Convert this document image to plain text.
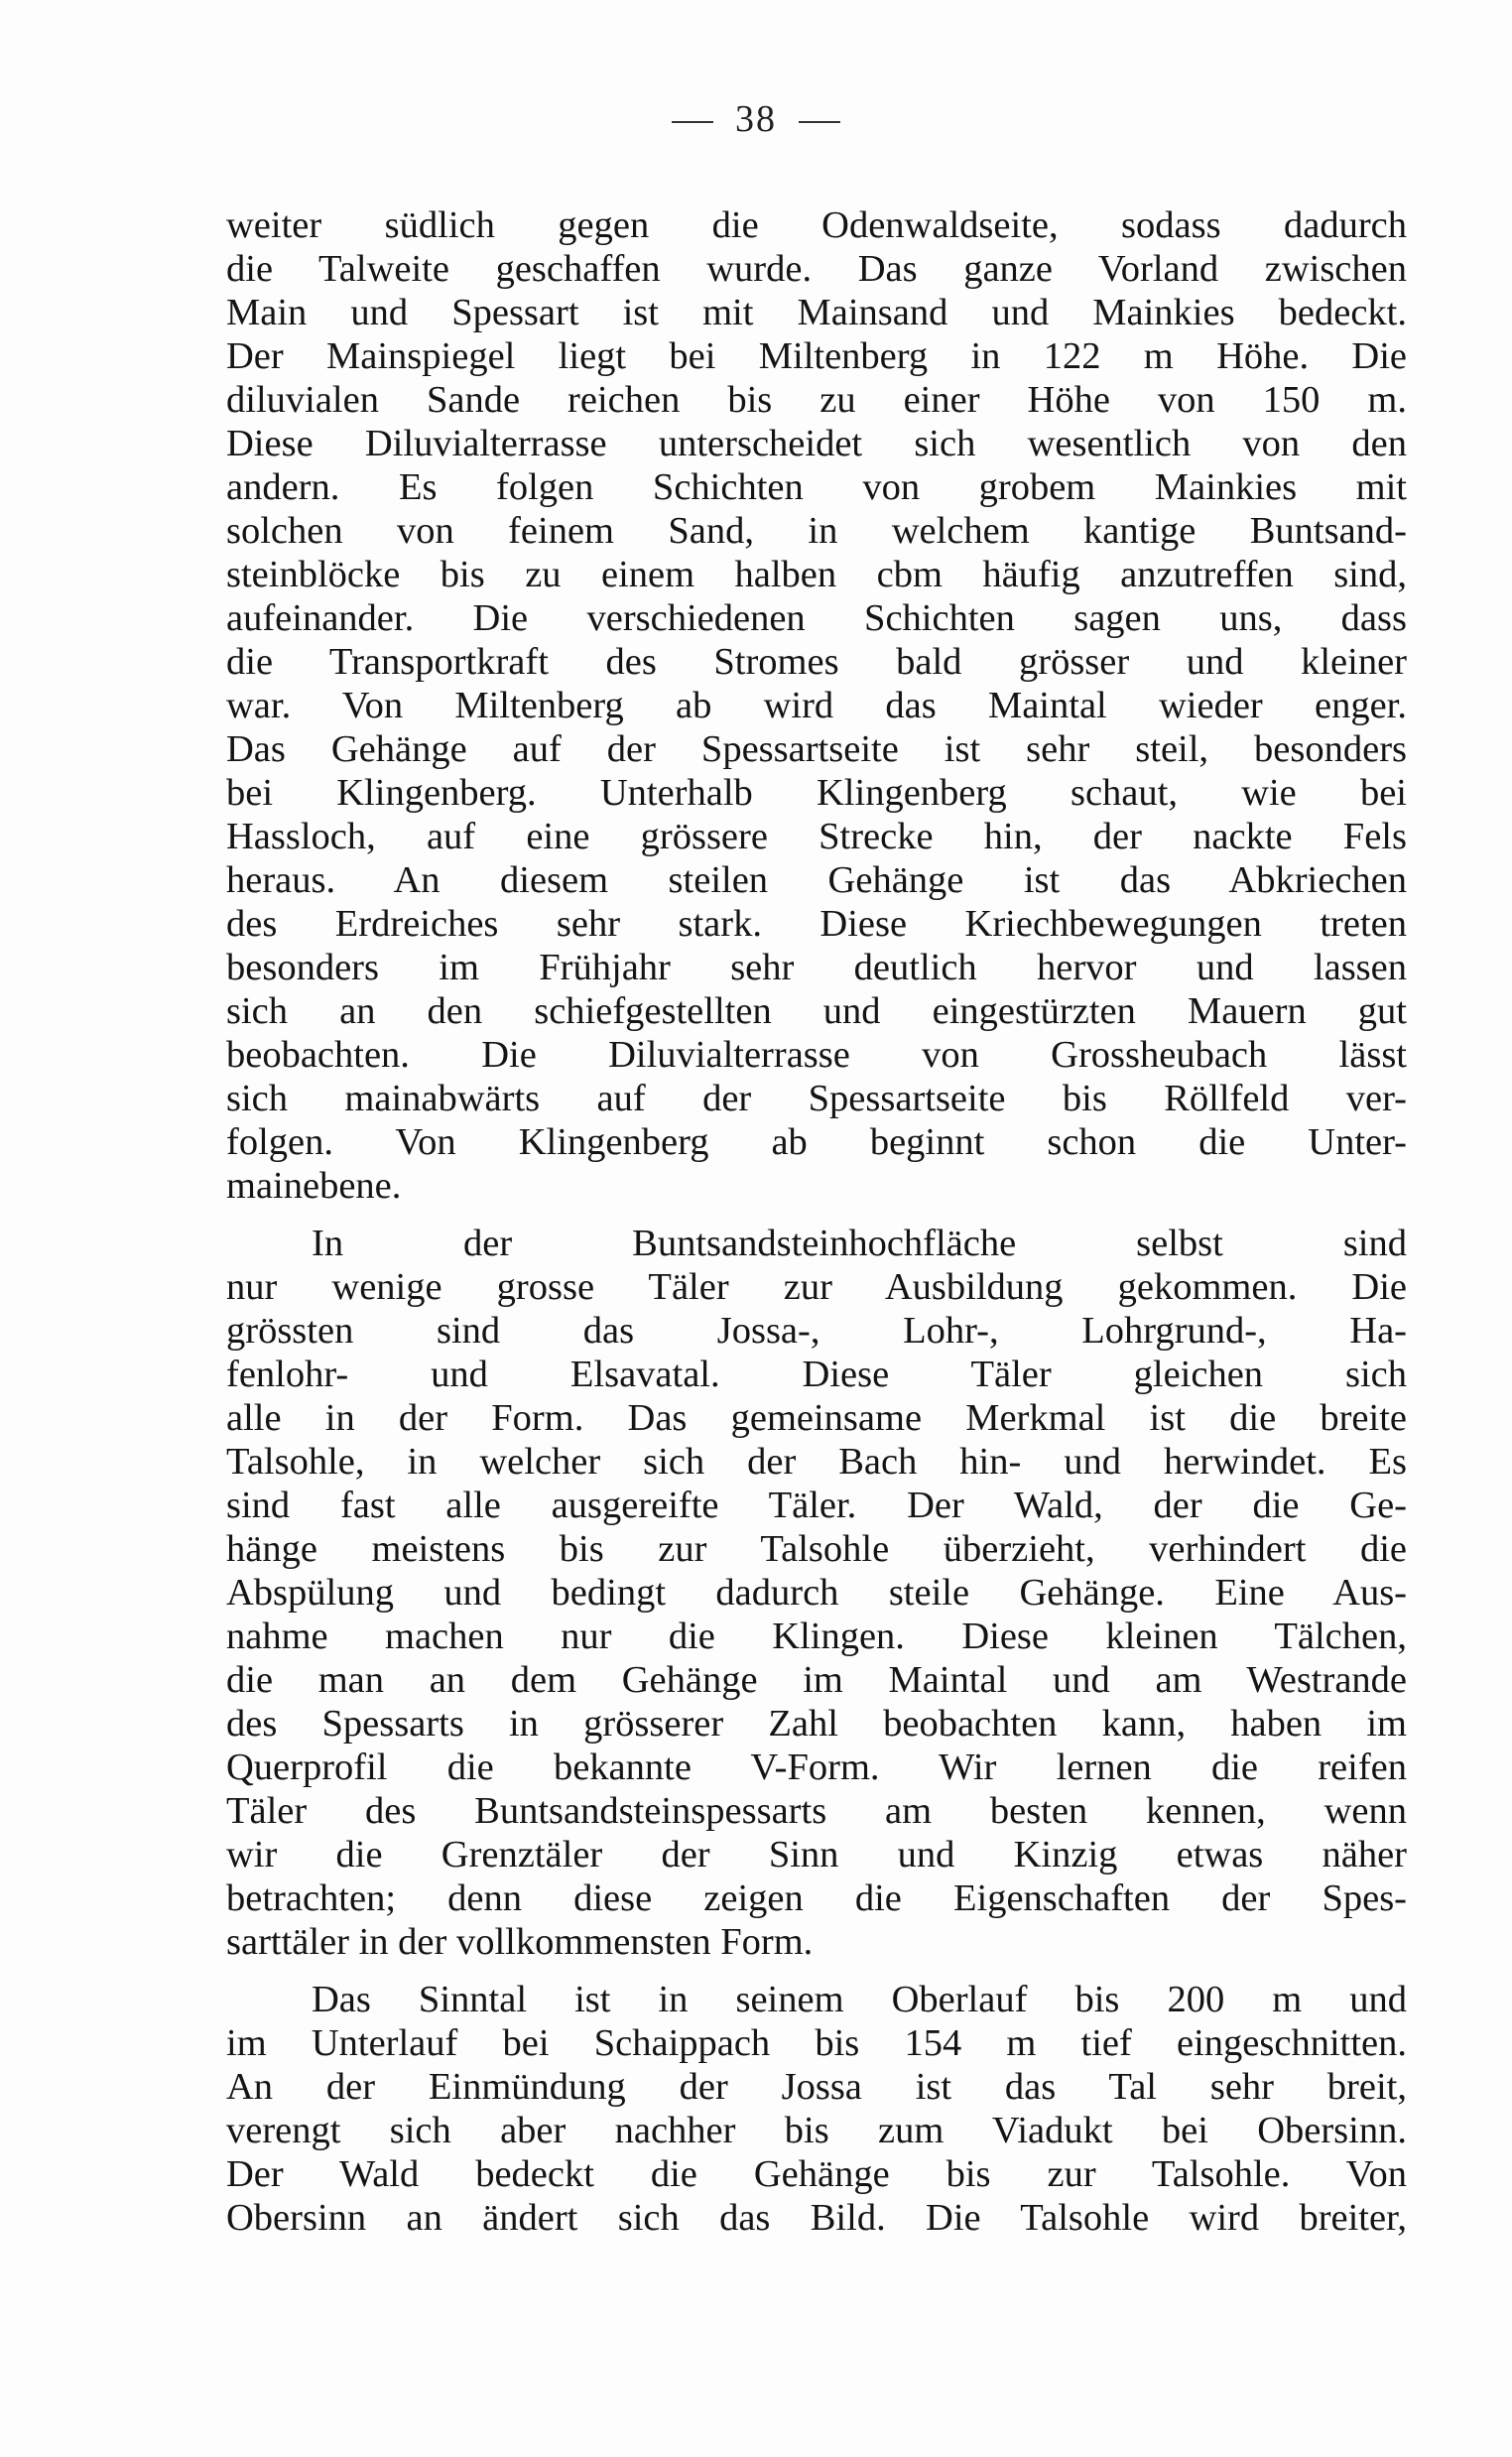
38
weiter südlich gegen die Odenwaldseite, sodass dadurch
die Talweite geschaffen wurde. Das ganze Vorland zwischen
Main und Spessart ist mit Mainsand und Mainkies bedeckt.
Der Mainspiegel liegt bei Miltenberg in 122 m Höhe. Die
diluvialen Sande reichen bis zu einer Höhe von 150 m.
Diese Diluvialterrasse unterscheidet sich wesentlich von den
andern. Es folgen Schichten von grobem Mainkies mit
solchen von feinem Sand, in welchem kantige Buntsand-
steinblöcke bis zu einem halben cbm häufig anzutreffen sind,
aufeinander. Die verschiedenen Schichten sagen uns, dass
die Transportkraft des Stromes bald grösser und kleiner
war. Von Miltenberg ab wird das Maintal wieder enger.
Das Gehänge auf der Spessartseite ist sehr steil, besonders
bei Klingenberg. Unterhalb Klingenberg schaut, wie bei
Hassloch, auf eine grössere Strecke hin, der nackte Fels
heraus. An diesem steilen Gehänge ist das Abkriechen
des Erdreiches sehr stark. Diese Kriechbewegungen treten
besonders im Frühjahr sehr deutlich hervor und lassen
sich an den schiefgestellten und eingestürzten Mauern gut
beobachten. Die Diluvialterrasse von Grossheubach lässt
sich mainabwärts auf der Spessartseite bis Röllfeld ver-
folgen. Von Klingenberg ab beginnt schon die Unter-
mainebene.
In der Buntsandsteinhochfläche selbst sind
nur wenige grosse Täler zur Ausbildung gekommen. Die
grössten sind das Jossa-, Lohr-, Lohrgrund-, Ha-
fenlohr- und Elsavatal. Diese Täler gleichen sich
alle in der Form. Das gemeinsame Merkmal ist die breite
Talsohle, in welcher sich der Bach hin- und herwindet. Es
sind fast alle ausgereifte Täler. Der Wald, der die Ge-
hänge meistens bis zur Talsohle überzieht, verhindert die
Abspülung und bedingt dadurch steile Gehänge. Eine Aus-
nahme machen nur die Klingen. Diese kleinen Tälchen,
die man an dem Gehänge im Maintal und am Westrande
des Spessarts in grösserer Zahl beobachten kann, haben im
Querprofil die bekannte V-Form. Wir lernen die reifen
Täler des Buntsandsteinspessarts am besten kennen, wenn
wir die Grenztäler der Sinn und Kinzig etwas näher
betrachten; denn diese zeigen die Eigenschaften der Spes-
sarttäler in der vollkommensten Form.
Das Sinntal ist in seinem Oberlauf bis 200 m und
im Unterlauf bei Schaippach bis 154 m tief eingeschnitten.
An der Einmündung der Jossa ist das Tal sehr breit,
verengt sich aber nachher bis zum Viadukt bei Obersinn.
Der Wald bedeckt die Gehänge bis zur Talsohle. Von
Obersinn an ändert sich das Bild. Die Talsohle wird breiter,
